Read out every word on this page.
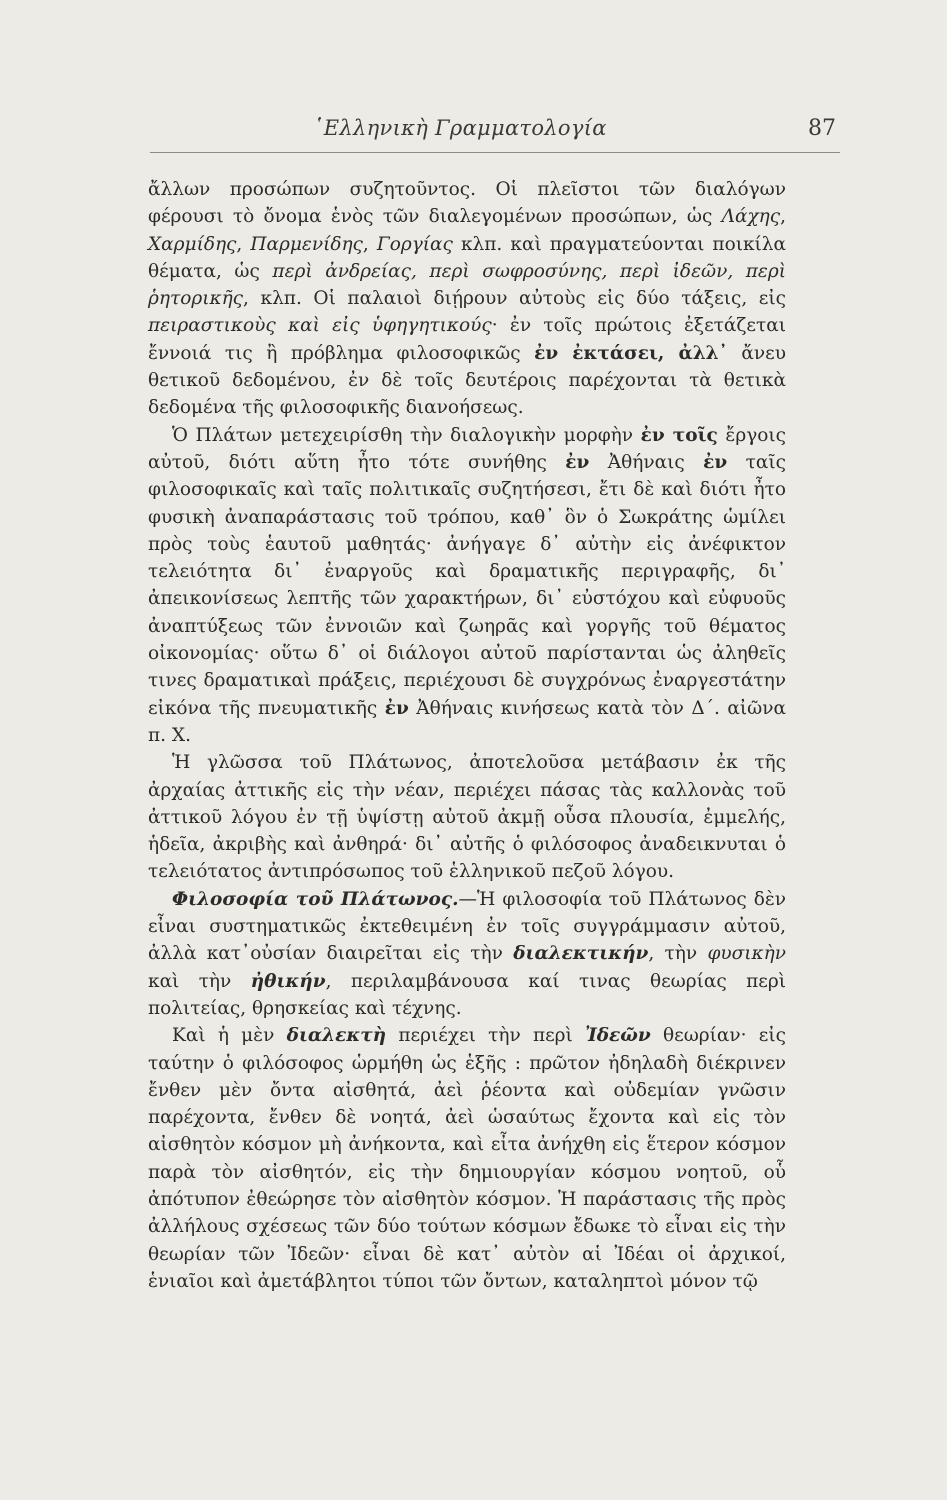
῾Ελληνικὴ Γραμματολογία	87

ἄλλων προσώπων συζητοῦντος. Οἱ πλεῖστοι τῶν διαλόγων φέρουσι τὸ ὄνομα ἑνὸς τῶν διαλεγομένων προσώπων, ὡς Λάχης, Χαρμίδης, Παρμενίδης, Γοργίας κλπ. καὶ πραγματεύονται ποικίλα θέματα, ὡς περὶ ἀνδρείας, περὶ σωφροσύνης, περὶ ἰδεῶν, περὶ ῥητορικῆς, κλπ. Οἱ παλαιοὶ διῄρουν αὐτοὺς εἰς δύο τάξεις, εἰς πειραστικοὺς καὶ εἰς ὑφηγητικούς· ἐν τοῖς πρώτοις ἐξετάζεται ἔννοιά τις ἢ πρόβλημα φιλοσοφικῶς ἐν ἐκτάσει, ἀλλ᾽ ἄνευ θετικοῦ δεδομένου, ἐν δὲ τοῖς δευτέροις παρέχονται τὰ θετικὰ δεδομένα τῆς φιλοσοφικῆς διανοήσεως.

Ὁ Πλάτων μετεχειρίσθη τὴν διαλογικὴν μορφὴν ἐν τοῖς ἔργοις αὐτοῦ, διότι αὕτη ἦτο τότε συνήθης ἐν Ἀθήναις ἐν ταῖς φιλοσοφικαῖς καὶ ταῖς πολιτικαῖς συζητήσεσι, ἔτι δὲ καὶ διότι ἦτο φυσικὴ ἀναπαράστασις τοῦ τρόπου, καθ᾽ ὃν ὁ Σωκράτης ὡμίλει πρὸς τοὺς ἑαυτοῦ μαθητάς· ἀνήγαγε δ᾽ αὐτὴν εἰς ἀνέφικτον τελειότητα δι᾽ ἐναργοῦς καὶ δραματικῆς περιγραφῆς, δι᾽ ἀπεικονίσεως λεπτῆς τῶν χαρακτήρων, δι᾽ εὐστόχου καὶ εὐφυοῦς ἀναπτύξεως τῶν ἐννοιῶν καὶ ζωηρᾶς καὶ γοργῆς τοῦ θέματος οἰκονομίας· οὕτω δ᾽ οἱ διάλογοι αὐτοῦ παρίστανται ὡς ἀληθεῖς τινες δραματικαὶ πράξεις, περιέχουσι δὲ συγχρόνως ἐναργεστάτην εἰκόνα τῆς πνευματικῆς ἐν Ἀθήναις κινήσεως κατὰ τὸν Δ΄. αἰῶνα π. Χ.

Ἡ γλῶσσα τοῦ Πλάτωνος, ἀποτελοῦσα μετάβασιν ἐκ τῆς ἀρχαίας ἀττικῆς εἰς τὴν νέαν, περιέχει πάσας τὰς καλλονὰς τοῦ ἀττικοῦ λόγου ἐν τῇ ὑψίστῃ αὐτοῦ ἀκμῇ οὖσα πλουσία, ἐμμελής, ἡδεῖα, ἀκριβὴς καὶ ἀνθηρά· δι᾽ αὐτῆς ὁ φιλόσοφος ἀναδεικνυται ὁ τελειότατος ἀντιπρόσωπος τοῦ ἑλληνικοῦ πεζοῦ λόγου.

Φιλοσοφία τοῦ Πλάτωνος.—Ἡ φιλοσοφία τοῦ Πλάτωνος δὲν εἶναι συστηματικῶς ἐκτεθειμένη ἐν τοῖς συγγράμμασιν αὐτοῦ, ἀλλὰ κατ᾽οὐσίαν διαιρεῖται εἰς τὴν διαλεκτικήν, τὴν φυσικὴν καὶ τὴν ἠθικήν, περιλαμβάνουσα καί τινας θεωρίας περὶ πολιτείας, θρησκείας καὶ τέχνης.

Καὶ ἡ μὲν διαλεκτὴ περιέχει τὴν περὶ Ἰδεῶν θεωρίαν· εἰς ταύτην ὁ φιλόσοφος ὡρμήθη ὡς ἑξῆς : πρῶτον ἠδηλαδὴ διέκρινεν ἔνθεν μὲν ὄντα αἰσθητά, ἀεὶ ῥέοντα καὶ οὐδεμίαν γνῶσιν παρέχοντα, ἔνθεν δὲ νοητά, ἀεὶ ὡσαύτως ἔχοντα καὶ εἰς τὸν αἰσθητὸν κόσμον μὴ ἀνήκοντα, καὶ εἶτα ἀνήχθη εἰς ἕτερον κόσμον παρὰ τὸν αἰσθητόν, εἰς τὴν δημιουργίαν κόσμου νοητοῦ, οὗ ἀπότυπον ἐθεώρησε τὸν αἰσθητὸν κόσμον. Ἡ παράστασις τῆς πρὸς ἀλλήλους σχέσεως τῶν δύο τούτων κόσμων ἔδωκε τὸ εἶναι εἰς τὴν θεωρίαν τῶν Ἰδεῶν· εἶναι δὲ κατ᾽ αὐτὸν αἱ Ἰδέαι οἱ ἀρχικοί, ἑνιαῖοι καὶ ἀμετάβλητοι τύποι τῶν ὄντων, καταληπτοὶ μόνον τῷ
